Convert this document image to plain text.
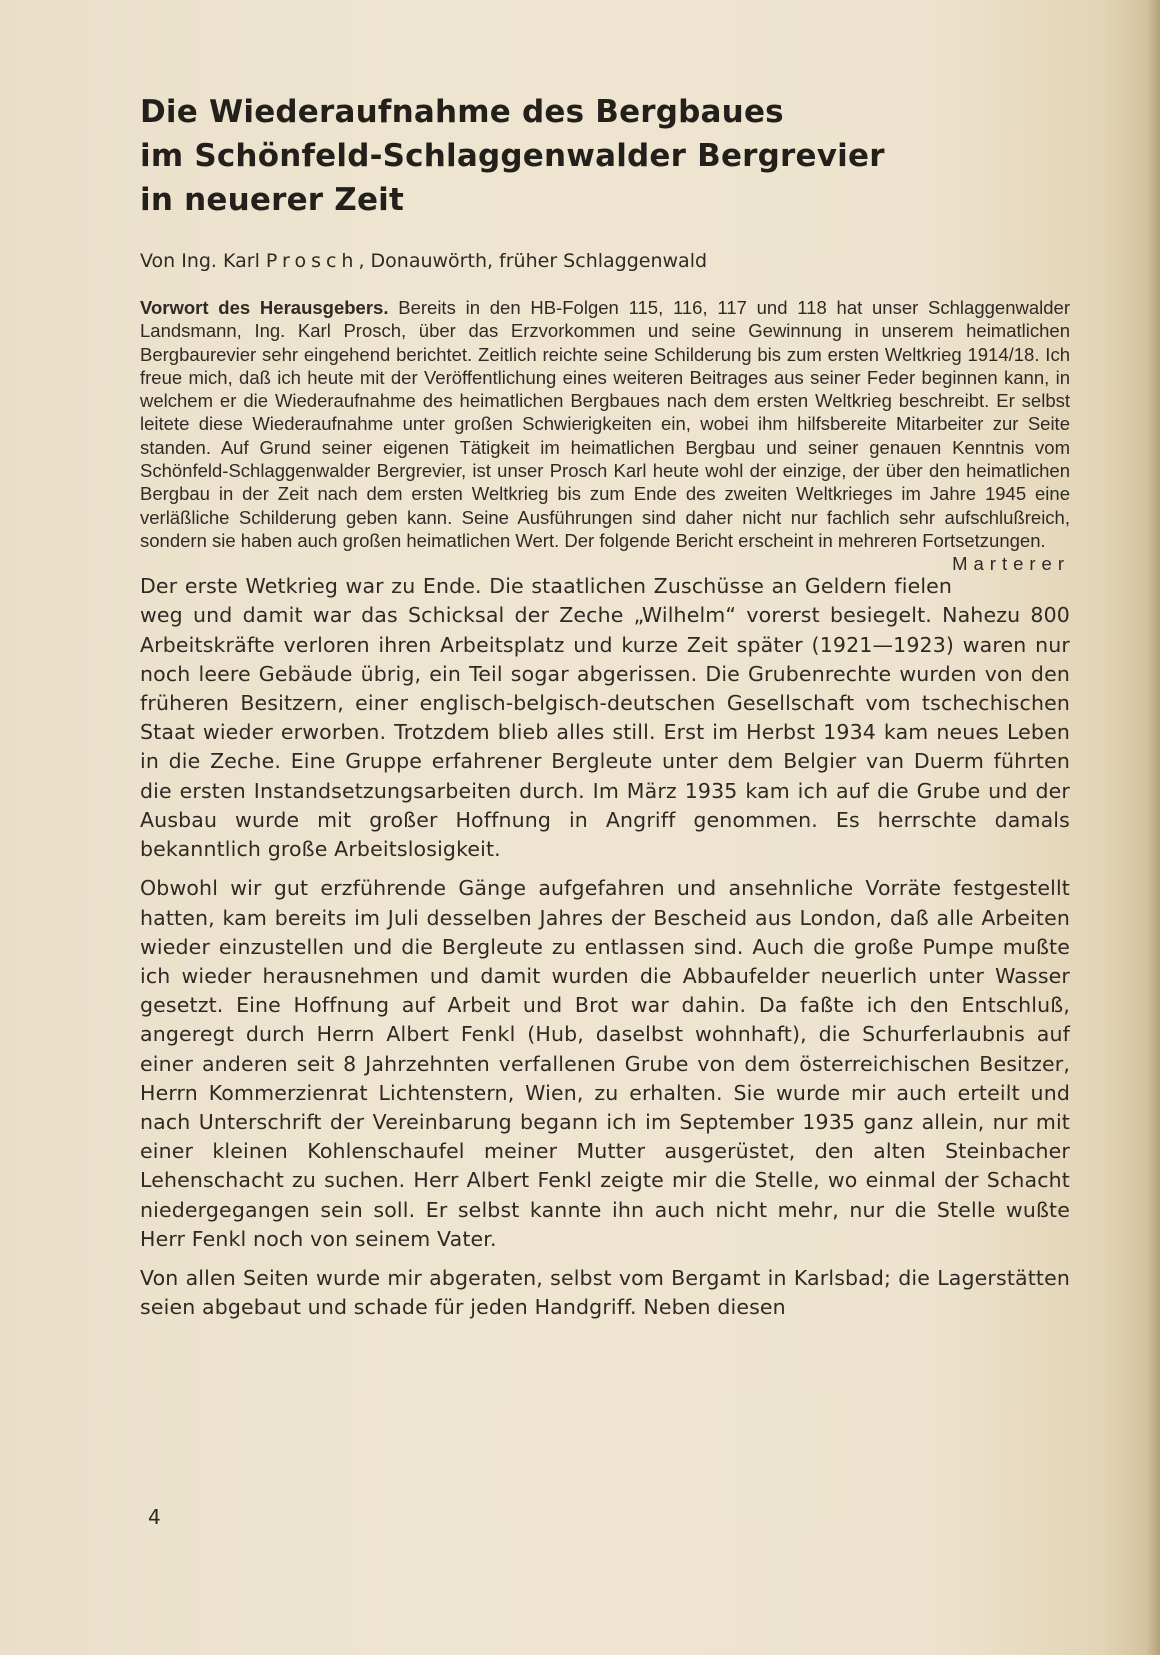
Die Wiederaufnahme des Bergbaues
im Schönfeld-Schlaggenwalder Bergrevier
in neuerer Zeit
Von Ing. Karl Prosch, Donauwörth, früher Schlaggenwald
Vorwort des Herausgebers. Bereits in den HB-Folgen 115, 116, 117 und 118 hat unser Schlaggenwalder Landsmann, Ing. Karl Prosch, über das Erzvorkommen und seine Gewinnung in unserem heimatlichen Bergbaurevier sehr eingehend berichtet. Zeitlich reichte seine Schilderung bis zum ersten Weltkrieg 1914/18. Ich freue mich, daß ich heute mit der Veröffentlichung eines weiteren Beitrages aus seiner Feder beginnen kann, in welchem er die Wiederaufnahme des heimatlichen Bergbaues nach dem ersten Weltkrieg beschreibt. Er selbst leitete diese Wiederaufnahme unter großen Schwierigkeiten ein, wobei ihm hilfsbereite Mitarbeiter zur Seite standen. Auf Grund seiner eigenen Tätigkeit im heimatlichen Bergbau und seiner genauen Kenntnis vom Schönfeld-Schlaggenwalder Bergrevier, ist unser Prosch Karl heute wohl der einzige, der über den heimatlichen Bergbau in der Zeit nach dem ersten Weltkrieg bis zum Ende des zweiten Weltkrieges im Jahre 1945 eine verläßliche Schilderung geben kann. Seine Ausführungen sind daher nicht nur fachlich sehr aufschlußreich, sondern sie haben auch großen heimatlichen Wert. Der folgende Bericht erscheint in mehreren Fortsetzungen.
Marterer

Der erste Wetkrieg war zu Ende. Die staatlichen Zuschüsse an Geldern fielen weg und damit war das Schicksal der Zeche „Wilhelm“ vorerst besiegelt. Nahezu 800 Arbeitskräfte verloren ihren Arbeitsplatz und kurze Zeit später (1921—1923) waren nur noch leere Gebäude übrig, ein Teil sogar abgerissen. Die Grubenrechte wurden von den früheren Besitzern, einer englisch-belgisch-deutschen Gesellschaft vom tschechischen Staat wieder erworben. Trotzdem blieb alles still. Erst im Herbst 1934 kam neues Leben in die Zeche. Eine Gruppe erfahrener Bergleute unter dem Belgier van Duerm führten die ersten Instandsetzungsarbeiten durch. Im März 1935 kam ich auf die Grube und der Ausbau wurde mit großer Hoffnung in Angriff genommen. Es herrschte damals bekanntlich große Arbeitslosigkeit.

Obwohl wir gut erzführende Gänge aufgefahren und ansehnliche Vorräte festgestellt hatten, kam bereits im Juli desselben Jahres der Bescheid aus London, daß alle Arbeiten wieder einzustellen und die Bergleute zu entlassen sind. Auch die große Pumpe mußte ich wieder herausnehmen und damit wurden die Abbaufelder neuerlich unter Wasser gesetzt. Eine Hoffnung auf Arbeit und Brot war dahin. Da faßte ich den Entschluß, angeregt durch Herrn Albert Fenkl (Hub, daselbst wohnhaft), die Schurferlaubnis auf einer anderen seit 8 Jahrzehnten verfallenen Grube von dem österreichischen Besitzer, Herrn Kommerzienrat Lichtenstern, Wien, zu erhalten. Sie wurde mir auch erteilt und nach Unterschrift der Vereinbarung begann ich im September 1935 ganz allein, nur mit einer kleinen Kohlenschaufel meiner Mutter ausgerüstet, den alten Steinbacher Lehenschacht zu suchen. Herr Albert Fenkl zeigte mir die Stelle, wo einmal der Schacht niedergegangen sein soll. Er selbst kannte ihn auch nicht mehr, nur die Stelle wußte Herr Fenkl noch von seinem Vater.

Von allen Seiten wurde mir abgeraten, selbst vom Bergamt in Karlsbad; die Lagerstätten seien abgebaut und schade für jeden Handgriff. Neben diesen

4
